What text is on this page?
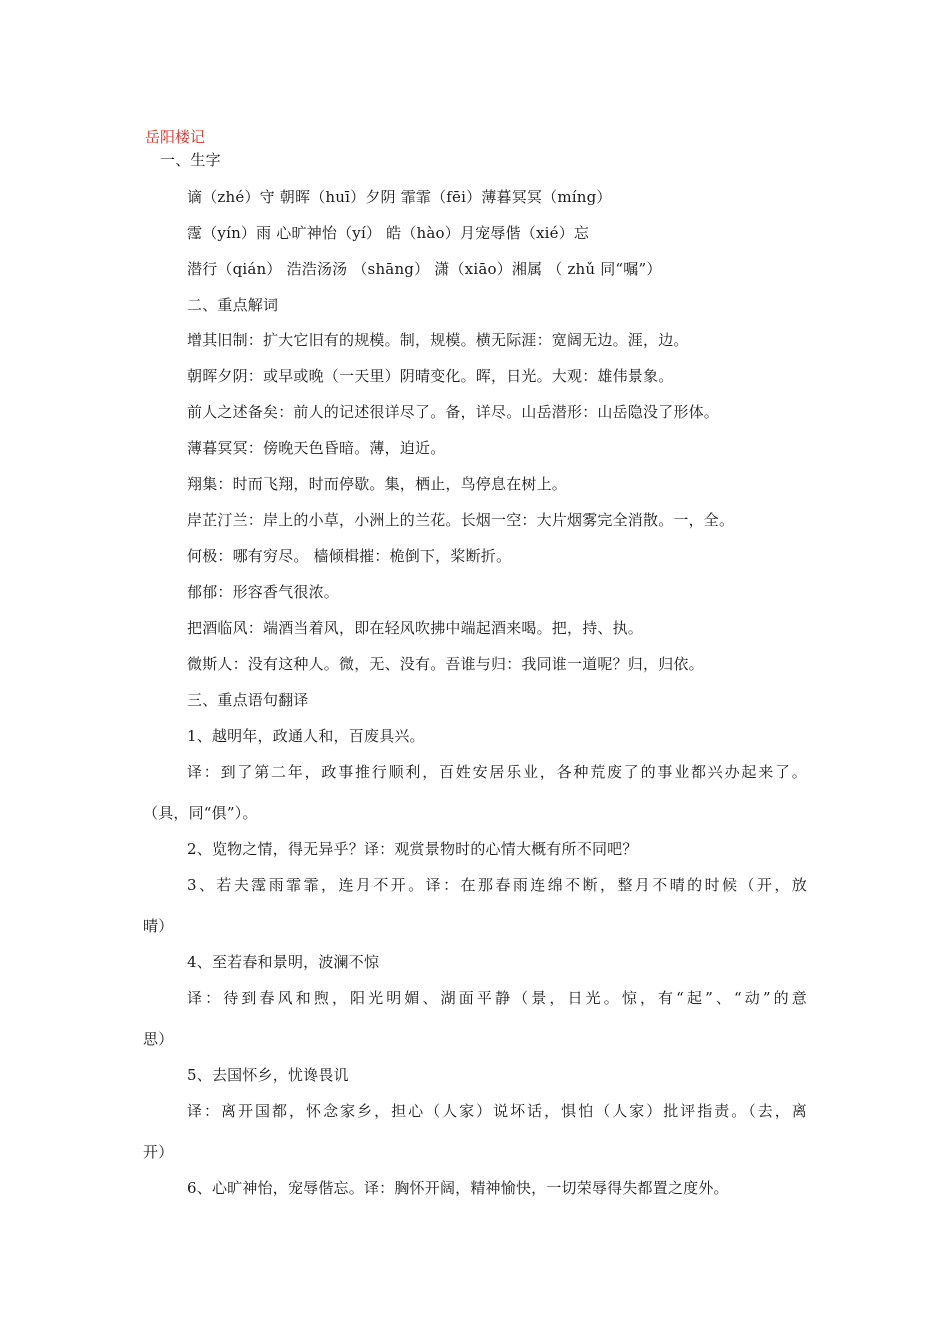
岳阳楼记
一、生字
谪（zhé）守 朝晖（huī）夕阴 霏霏（fēi）薄暮冥冥（míng）
霪（yín）雨 心旷神怡（yí） 皓（hào）月宠辱偕（xié）忘
潜行（qián） 浩浩汤汤 （shāng） 潇（xiāo）湘属 （ zhǔ 同“嘱”）
二、重点解词
增其旧制：扩大它旧有的规模。制，规模。横无际涯：宽阔无边。涯，边。
朝晖夕阴：或早或晚（一天里）阴晴变化。晖，日光。大观：雄伟景象。
前人之述备矣：前人的记述很详尽了。备，详尽。山岳潜形：山岳隐没了形体。
薄暮冥冥：傍晚天色昏暗。薄，迫近。
翔集：时而飞翔，时而停歇。集，栖止，鸟停息在树上。
岸芷汀兰：岸上的小草，小洲上的兰花。长烟一空：大片烟雾完全消散。一，全。
何极：哪有穷尽。 樯倾楫摧：桅倒下，桨断折。
郁郁：形容香气很浓。
把酒临风：端酒当着风，即在轻风吹拂中端起酒来喝。把，持、执。
微斯人：没有这种人。微，无、没有。吾谁与归：我同谁一道呢？归，归依。
三、重点语句翻译
1、越明年，政通人和，百废具兴。
译：到了第二年，政事推行顺利，百姓安居乐业，各种荒废了的事业都兴办起来了。
（具，同“俱”）。
2、览物之情，得无异乎？译：观赏景物时的心情大概有所不同吧？
3、若夫霪雨霏霏，连月不开。译：在那春雨连绵不断，整月不晴的时候（开，放
晴）
4、至若春和景明，波澜不惊
译：待到春风和煦，阳光明媚、湖面平静（景，日光。惊，有“起”、“动”的意
思）
5、去国怀乡，忧谗畏讥
译：离开国都，怀念家乡，担心（人家）说坏话，惧怕（人家）批评指责。（去，离
开）
6、心旷神怡，宠辱偕忘。译：胸怀开阔，精神愉快，一切荣辱得失都置之度外。
